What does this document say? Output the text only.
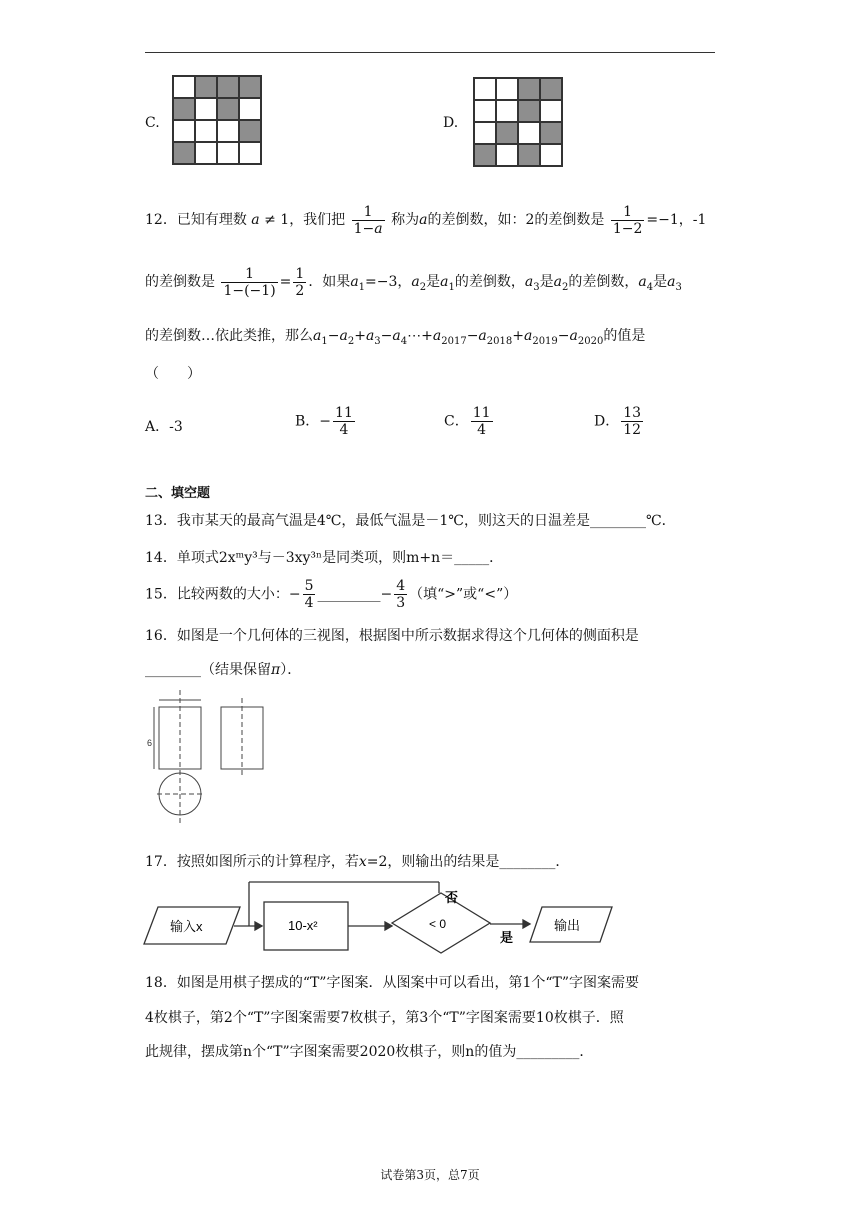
C.	D.
12．已知有理数 a ≠ 1，我们把 $\frac{1}{1-a}$ 称为a的差倒数，如：2的差倒数是 $\frac{1}{1-2} =-1$，-1
的差倒数是 $\frac{1}{1-(-1)} = \frac{1}{2}$ ．如果$a_1=-3$，$a_2$是$a_1$的差倒数，$a_3$是$a_2$的差倒数，$a_4$是$a_3$
的差倒数…依此类推，那么$a_1-a_2+a_3-a_4\cdots+a_{2017}-a_{2018}+a_{2019}-a_{2020}$的值是
（　　）
A．-3	B．− $\frac{11}{4}$	C． $\frac{11}{4}$	D． $\frac{13}{12}$
二、填空题
13．我市某天的最高气温是4℃，最低气温是－1℃，则这天的日温差是________℃．
14．单项式2xᵐy³与－3xy³ⁿ是同类项，则m+n＝_____．
15．比较两数的大小：− $\frac{5}{4}$ _________− $\frac{4}{3}$ （填“>”或“<”）
16．如图是一个几何体的三视图，根据图中所示数据求得这个几何体的侧面积是
________（结果保留π）．
6
17．按照如图所示的计算程序，若x=2，则输出的结果是________．
输入x	10-x²	< 0
否
是
输出
18．如图是用棋子摆成的“T”字图案．从图案中可以看出，第1个“T”字图案需要
4枚棋子，第2个“T”字图案需要7枚棋子，第3个“T”字图案需要10枚棋子．照
此规律，摆成第n个“T”字图案需要2020枚棋子，则n的值为_________．
试卷第3页，总7页
